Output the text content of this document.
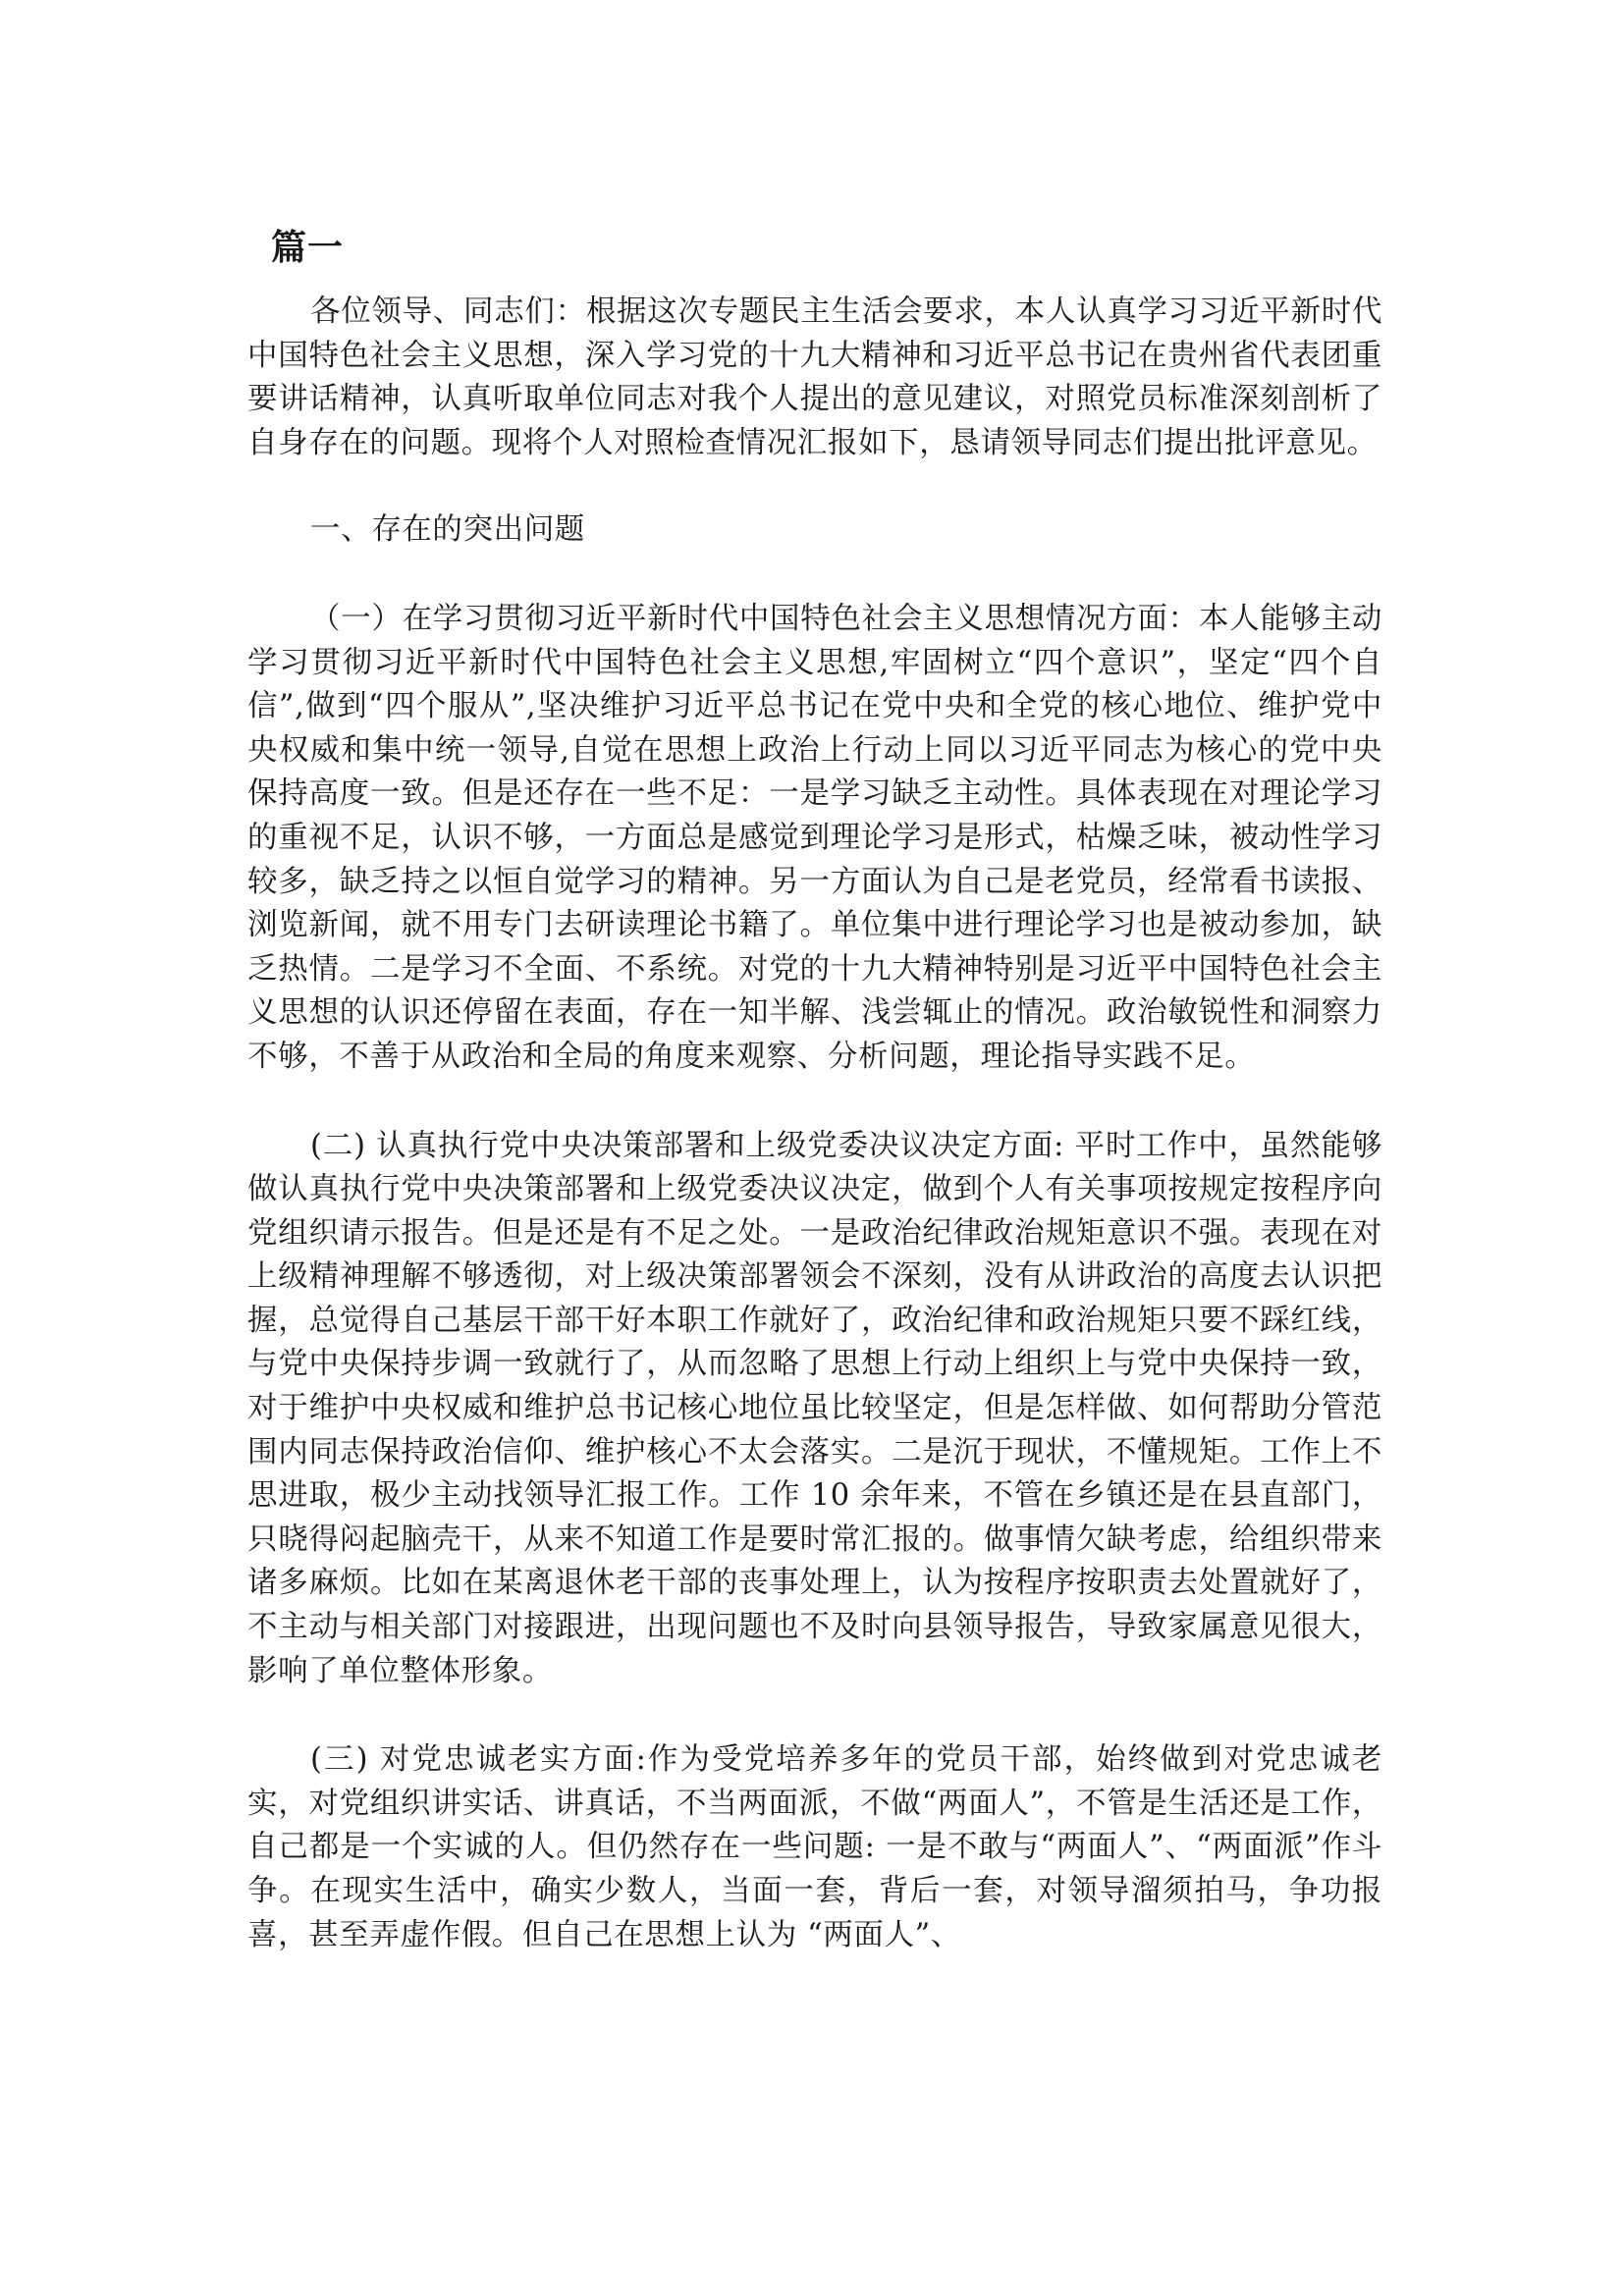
篇一

各位领导、同志们：根据这次专题民主生活会要求，本人认真学习习近平新时代中国特色社会主义思想，深入学习党的十九大精神和习近平总书记在贵州省代表团重要讲话精神，认真听取单位同志对我个人提出的意见建议，对照党员标准深刻剖析了自身存在的问题。现将个人对照检查情况汇报如下，恳请领导同志们提出批评意见。

一、存在的突出问题

（一）在学习贯彻习近平新时代中国特色社会主义思想情况方面：本人能够主动学习贯彻习近平新时代中国特色社会主义思想,牢固树立“四个意识”，坚定“四个自信”,做到“四个服从”,坚决维护习近平总书记在党中央和全党的核心地位、维护党中央权威和集中统一领导,自觉在思想上政治上行动上同以习近平同志为核心的党中央保持高度一致。但是还存在一些不足：一是学习缺乏主动性。具体表现在对理论学习的重视不足，认识不够，一方面总是感觉到理论学习是形式，枯燥乏味，被动性学习较多，缺乏持之以恒自觉学习的精神。另一方面认为自己是老党员，经常看书读报、浏览新闻，就不用专门去研读理论书籍了。单位集中进行理论学习也是被动参加，缺乏热情。二是学习不全面、不系统。对党的十九大精神特别是习近平中国特色社会主义思想的认识还停留在表面，存在一知半解、浅尝辄止的情况。政治敏锐性和洞察力不够，不善于从政治和全局的角度来观察、分析问题，理论指导实践不足。

(二) 认真执行党中央决策部署和上级党委决议决定方面: 平时工作中，虽然能够做认真执行党中央决策部署和上级党委决议决定，做到个人有关事项按规定按程序向党组织请示报告。但是还是有不足之处。一是政治纪律政治规矩意识不强。表现在对上级精神理解不够透彻，对上级决策部署领会不深刻，没有从讲政治的高度去认识把握，总觉得自己基层干部干好本职工作就好了，政治纪律和政治规矩只要不踩红线，与党中央保持步调一致就行了，从而忽略了思想上行动上组织上与党中央保持一致，对于维护中央权威和维护总书记核心地位虽比较坚定，但是怎样做、如何帮助分管范围内同志保持政治信仰、维护核心不太会落实。二是沉于现状，不懂规矩。工作上不思进取，极少主动找领导汇报工作。工作 10 余年来，不管在乡镇还是在县直部门，只晓得闷起脑壳干，从来不知道工作是要时常汇报的。做事情欠缺考虑，给组织带来诸多麻烦。比如在某离退休老干部的丧事处理上，认为按程序按职责去处置就好了，不主动与相关部门对接跟进，出现问题也不及时向县领导报告，导致家属意见很大，影响了单位整体形象。

(三) 对党忠诚老实方面:作为受党培养多年的党员干部，始终做到对党忠诚老实，对党组织讲实话、讲真话，不当两面派，不做“两面人”，不管是生活还是工作，自己都是一个实诚的人。但仍然存在一些问题: 一是不敢与“两面人”、“两面派”作斗争。在现实生活中，确实少数人，当面一套，背后一套，对领导溜须拍马，争功报喜，甚至弄虚作假。但自己在思想上认为 “两面人”、
